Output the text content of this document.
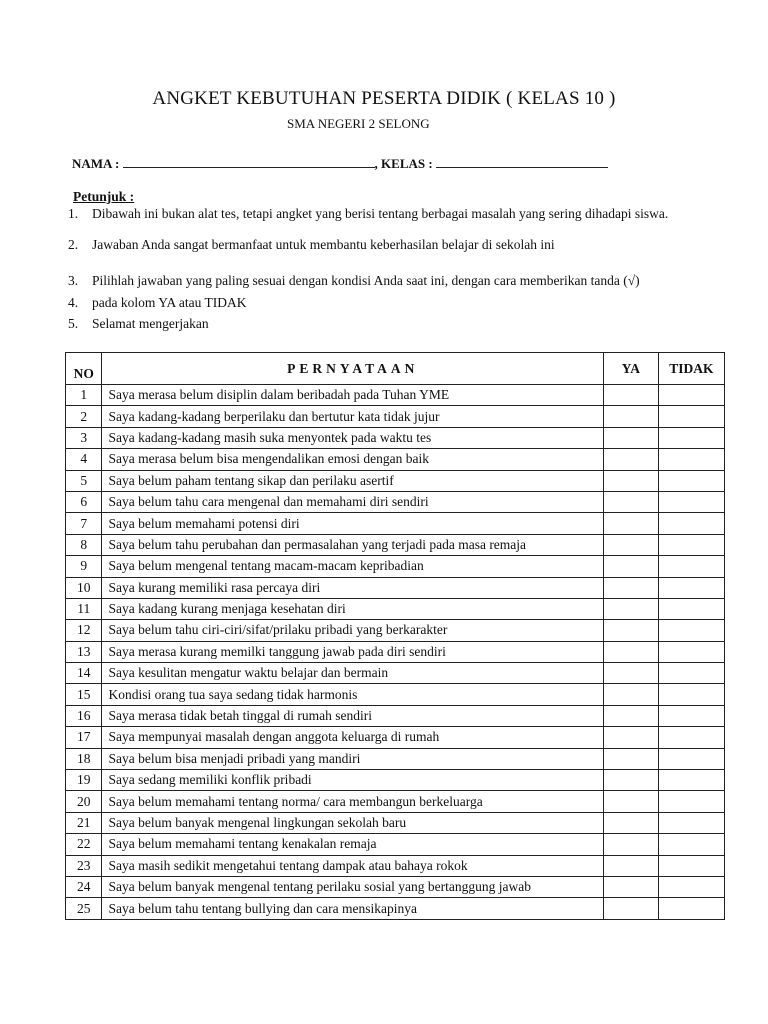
ANGKET KEBUTUHAN PESERTA DIDIK ( KELAS 10 )
SMA NEGERI 2 SELONG
NAMA :	, KELAS :
Petunjuk :
1. Dibawah ini bukan alat tes, tetapi angket yang berisi tentang berbagai masalah yang sering dihadapi siswa.
2. Jawaban Anda sangat bermanfaat untuk membantu keberhasilan belajar di sekolah ini
3. Pilihlah jawaban yang paling sesuai dengan kondisi Anda saat ini, dengan cara memberikan tanda (√)
4. pada kolom YA atau TIDAK
5. Selamat mengerjakan
NO	PERNYATAAN	YA	TIDAK
1	Saya merasa belum disiplin dalam beribadah pada Tuhan YME		
2	Saya kadang-kadang berperilaku dan bertutur kata tidak jujur		
3	Saya kadang-kadang masih suka menyontek pada waktu tes		
4	Saya merasa belum bisa mengendalikan emosi dengan baik		
5	Saya belum paham tentang sikap dan perilaku asertif		
6	Saya belum tahu cara mengenal dan memahami diri sendiri		
7	Saya belum memahami potensi diri		
8	Saya belum tahu perubahan dan permasalahan yang terjadi pada masa remaja		
9	Saya belum mengenal tentang macam-macam kepribadian		
10	Saya kurang memiliki rasa percaya diri		
11	Saya kadang kurang menjaga kesehatan diri		
12	Saya belum tahu ciri-ciri/sifat/prilaku pribadi yang berkarakter		
13	Saya merasa kurang memilki tanggung jawab pada diri sendiri		
14	Saya kesulitan mengatur waktu belajar dan bermain		
15	Kondisi orang tua saya sedang tidak harmonis		
16	Saya merasa tidak betah tinggal di rumah sendiri		
17	Saya mempunyai masalah dengan anggota keluarga di rumah		
18	Saya belum bisa menjadi pribadi yang mandiri		
19	Saya sedang memiliki konflik pribadi		
20	Saya belum memahami tentang norma/ cara membangun berkeluarga		
21	Saya belum banyak mengenal lingkungan sekolah baru		
22	Saya belum memahami tentang kenakalan remaja		
23	Saya masih sedikit mengetahui tentang dampak atau bahaya rokok		
24	Saya belum banyak mengenal tentang perilaku sosial yang bertanggung jawab		
25	Saya belum tahu tentang bullying dan cara mensikapinya		
